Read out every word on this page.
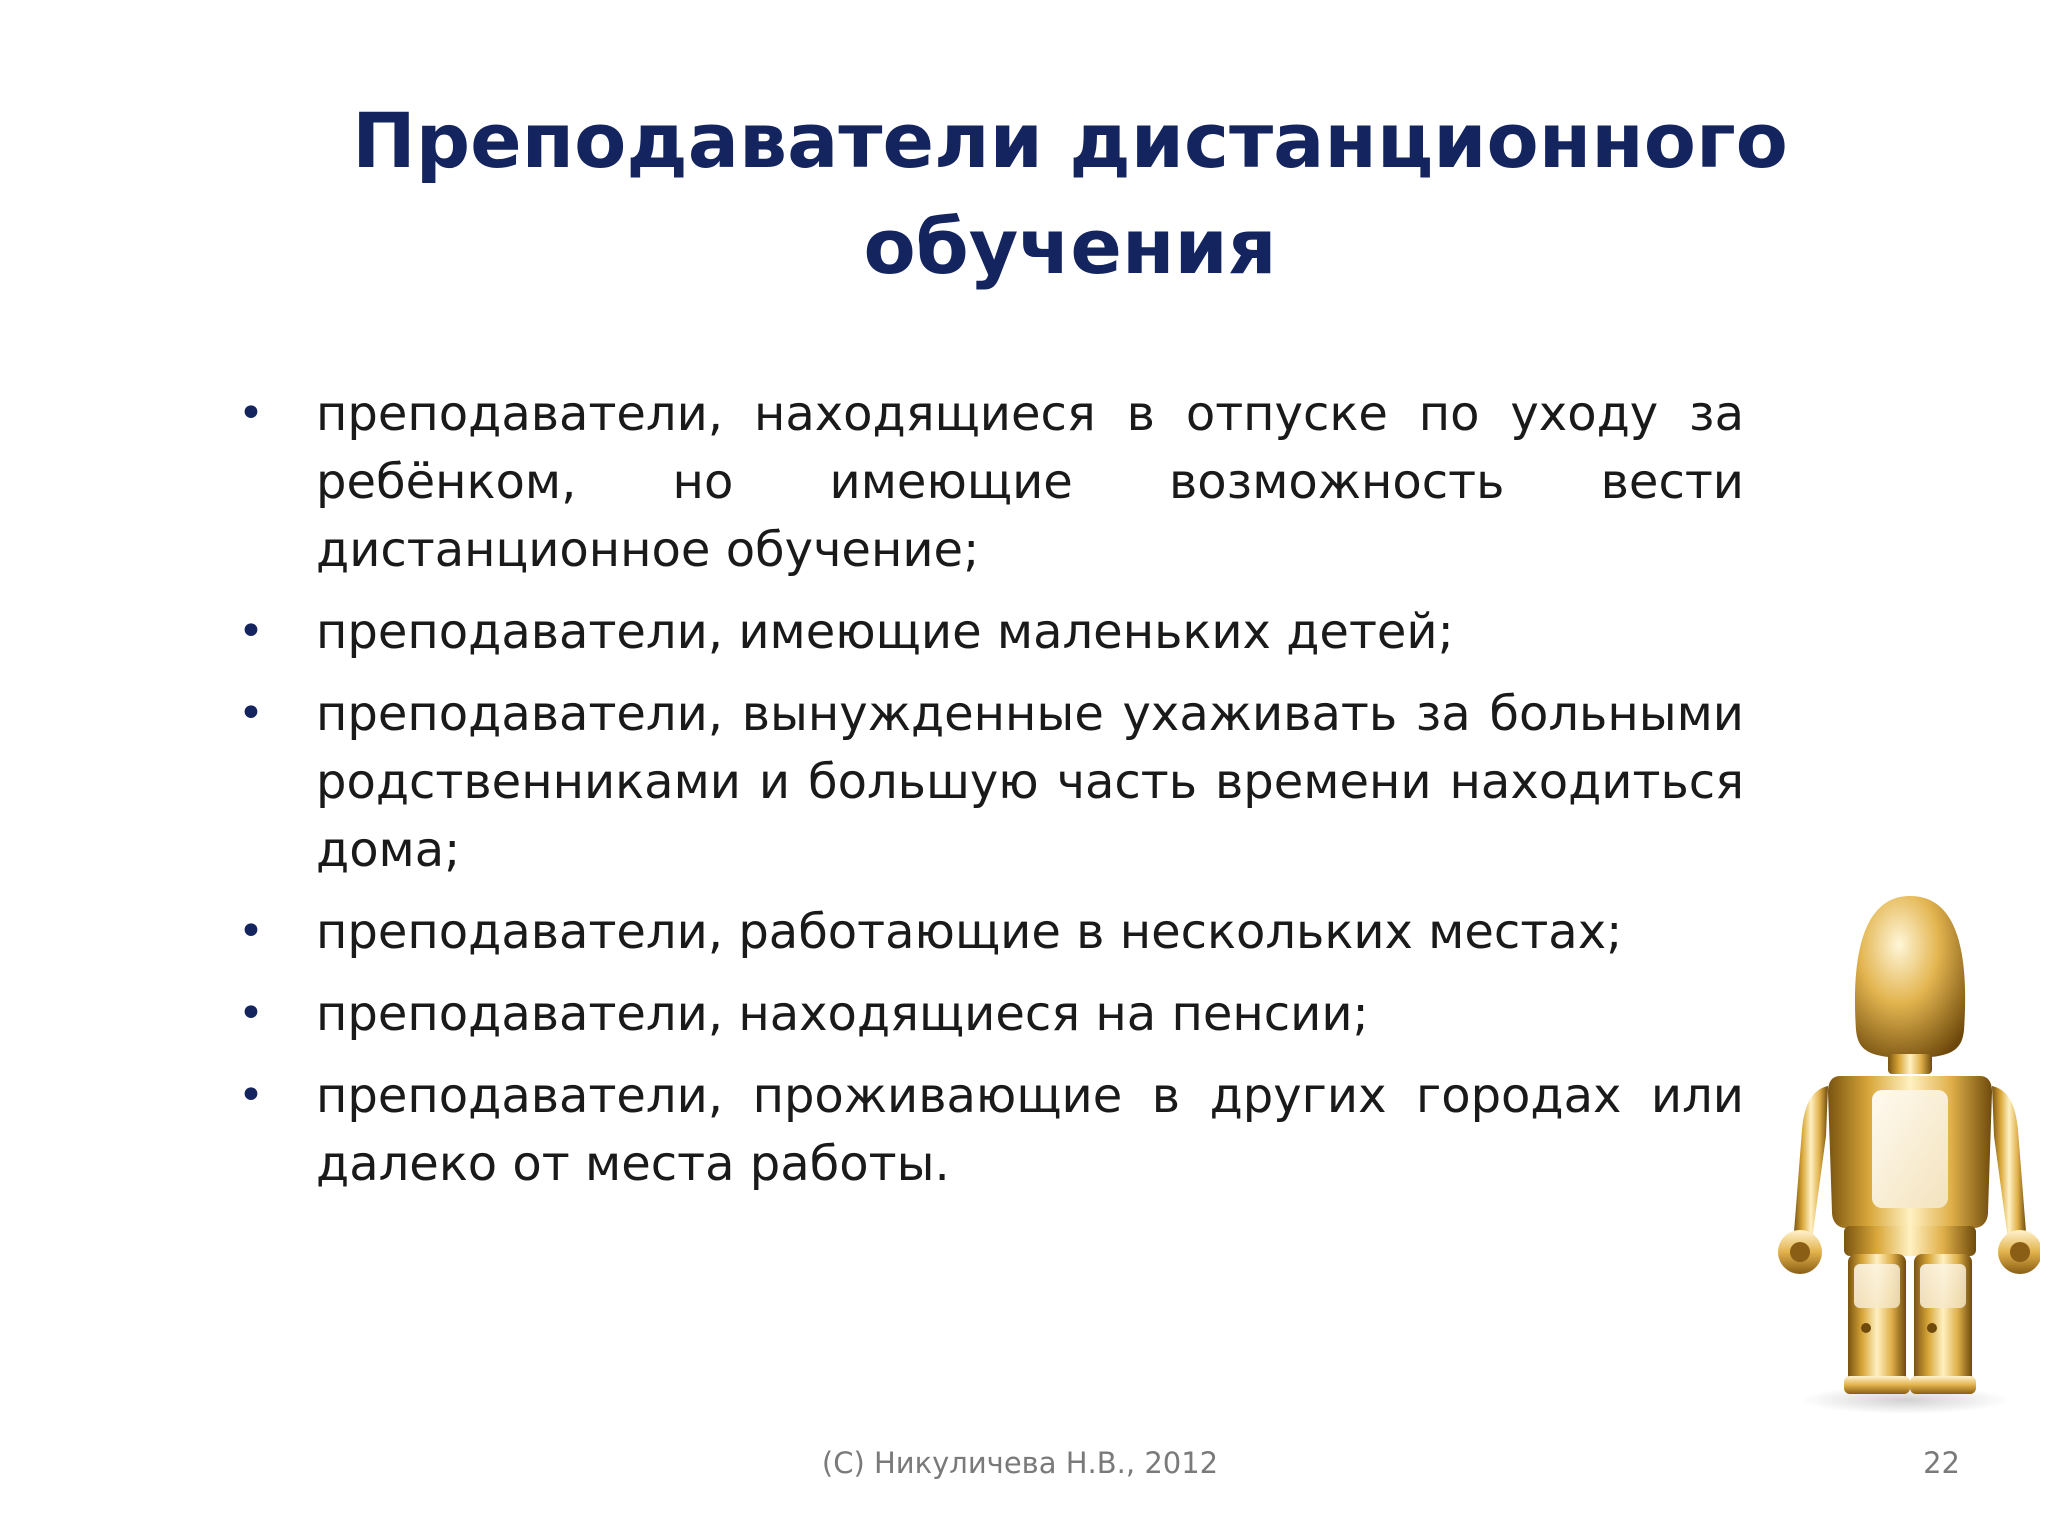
Преподаватели дистанционного обучения
• преподаватели, находящиеся в отпуске по уходу за ребёнком, но имеющие возможность вести дистанционное обучение;
• преподаватели, имеющие маленьких детей;
• преподаватели, вынужденные ухаживать за больными родственниками и большую часть времени находиться дома;
• преподаватели, работающие в нескольких местах;
• преподаватели, находящиеся на пенсии;
• преподаватели, проживающие в других городах или далеко от места работы.
(С) Никуличева Н.В., 2012	22
